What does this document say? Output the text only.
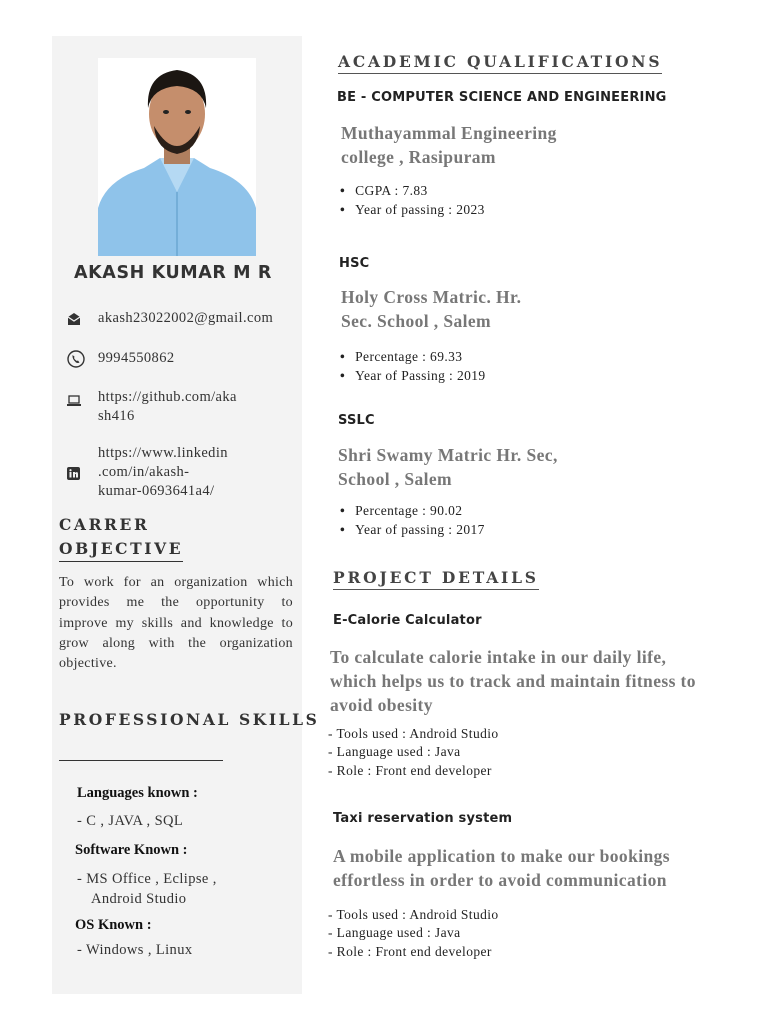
AKASH KUMAR M R
akash23022002@gmail.com
9994550862
https://github.com/aka
sh416
https://www.linkedin
.com/in/akash-
kumar-0693641a4/
CARRER
OBJECTIVE
To work for an organization which provides me the opportunity to improve my skills and knowledge to grow along with the organization objective.
PROFESSIONAL SKILLS
Languages known :
- C , JAVA , SQL
Software Known :
- MS Office , Eclipse ,
Android Studio
OS Known :
- Windows , Linux
ACADEMIC QUALIFICATIONS
BE - COMPUTER SCIENCE AND ENGINEERING
Muthayammal Engineering
college , Rasipuram
• CGPA : 7.83
• Year of passing : 2023
HSC
Holy Cross Matric. Hr.
Sec. School , Salem
• Percentage : 69.33
• Year of Passing : 2019
SSLC
Shri Swamy Matric Hr. Sec,
School , Salem
• Percentage : 90.02
• Year of passing : 2017
PROJECT DETAILS
E-Calorie Calculator
To calculate calorie intake in our daily life,
which helps us to track and maintain fitness to
avoid obesity
- Tools used : Android Studio
- Language used : Java
- Role : Front end developer
Taxi reservation system
A mobile application to make our bookings
effortless in order to avoid communication
- Tools used : Android Studio
- Language used : Java
- Role : Front end developer
